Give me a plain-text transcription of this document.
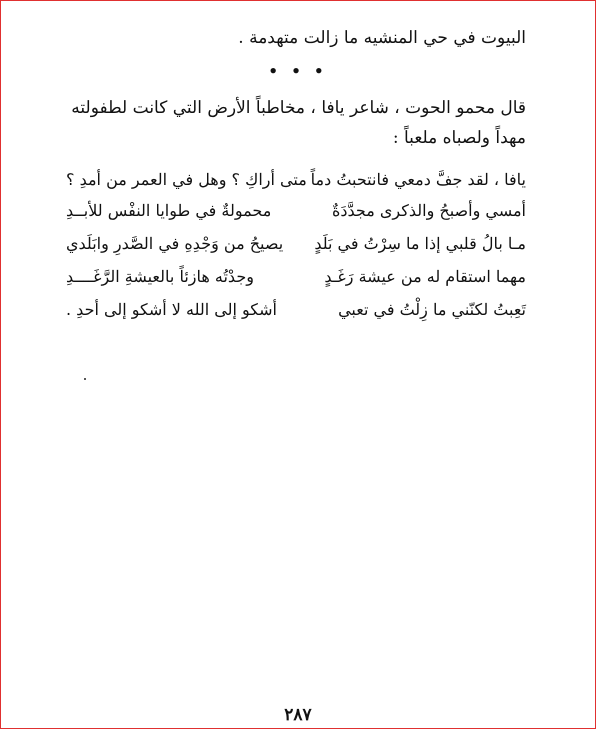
البيوت في حي المنشيه ما زالت متهدمة .
• • •
قال محمو الحوت ، شاعر يافا ، مخاطباً الأرض التي كانت لطفولته
مهداً ولصباه ملعباً :
يافا ، لقد جفَّ دمعي فانتحبتُ دماً
متى أراكِ ؟ وهل في العمر من أمدِ ؟
أمسي وأصبحُ والذكرى مجدَّدَةٌ
محمولةٌ في طوايا النفْس للأبــدِ
مـا بالُ قلبي إذا ما سِرْتُ في بَلَدٍ
يصيحُ من وَجْدِهِ في الصَّدرِ وابَلَدي
مهما استقام له من عيشة رَغَـدٍ
وجدْتُه هازئاً بالعيشةِ الرَّغَــــدِ
تَعِبتُ لكنّني ما زِلْتُ في تعبي
أشكو إلى الله لا أشكو إلى أحدِ .
٢٨٧
